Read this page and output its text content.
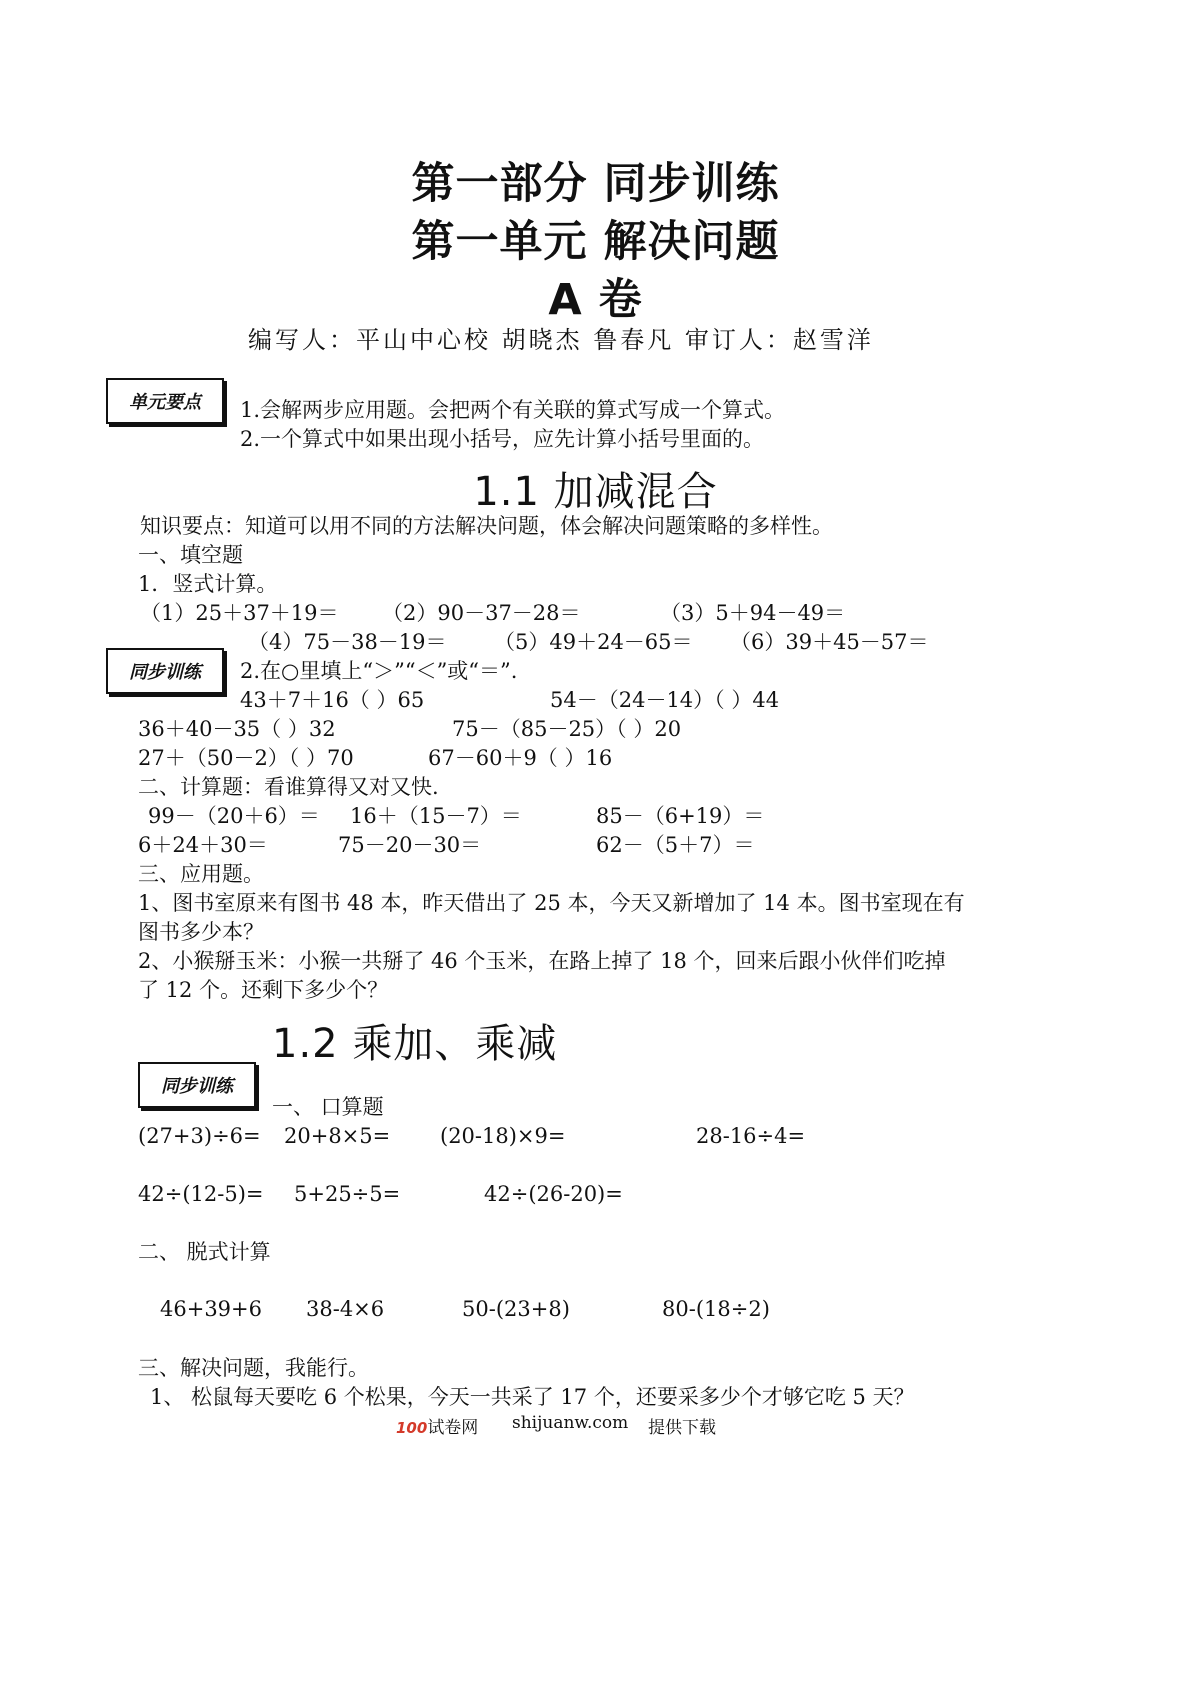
第一部分 同步训练
第一单元 解决问题
A 卷
编写人：平山中心校 胡晓杰 鲁春凡 审订人：赵雪洋
单元要点	1.会解两步应用题。会把两个有关联的算式写成一个算式。
2.一个算式中如果出现小括号，应先计算小括号里面的。
1.1 加减混合
知识要点：知道可以用不同的方法解决问题，体会解决问题策略的多样性。
一、填空题
1．竖式计算。
（1）25＋37＋19＝ （2）90－37－28＝	（3）5＋94－49＝
（4）75－38－19＝ （5）49＋24－65＝ （6）39＋45－57＝
同步训练	2.在○里填上“＞”“＜”或“＝”.
43＋7＋16（ ）65	54－（24－14）（ ）44
36＋40－35（ ）32	75－（85－25）（ ）20
27＋（50－2）（ ）70	67－60＋9（ ）16
二、计算题：看谁算得又对又快.
99－（20＋6）＝ 16＋（15－7）＝	85－（6+19）＝
6＋24＋30＝	75－20－30＝	62－（5＋7）＝
三、应用题。
1、图书室原来有图书 48 本，昨天借出了 25 本，今天又新增加了 14 本。图书室现在有
图书多少本？
2、小猴掰玉米：小猴一共掰了 46 个玉米，在路上掉了 18 个，回来后跟小伙伴们吃掉
了 12 个。还剩下多少个？
1.2 乘加、乘减
同步训练
一、 口算题
(27+3)÷6= 20+8×5= (20-18)×9=	28-16÷4=
42÷(12-5)= 5+25÷5=	42÷(26-20)=
二、 脱式计算
46+39+6 38-4×6	50-(23+8)	80-(18÷2)
三、解决问题，我能行。
1、 松鼠每天要吃 6 个松果，今天一共采了 17 个，还要采多少个才够它吃 5 天？
100试卷网 shijuanw.com 提供下载
